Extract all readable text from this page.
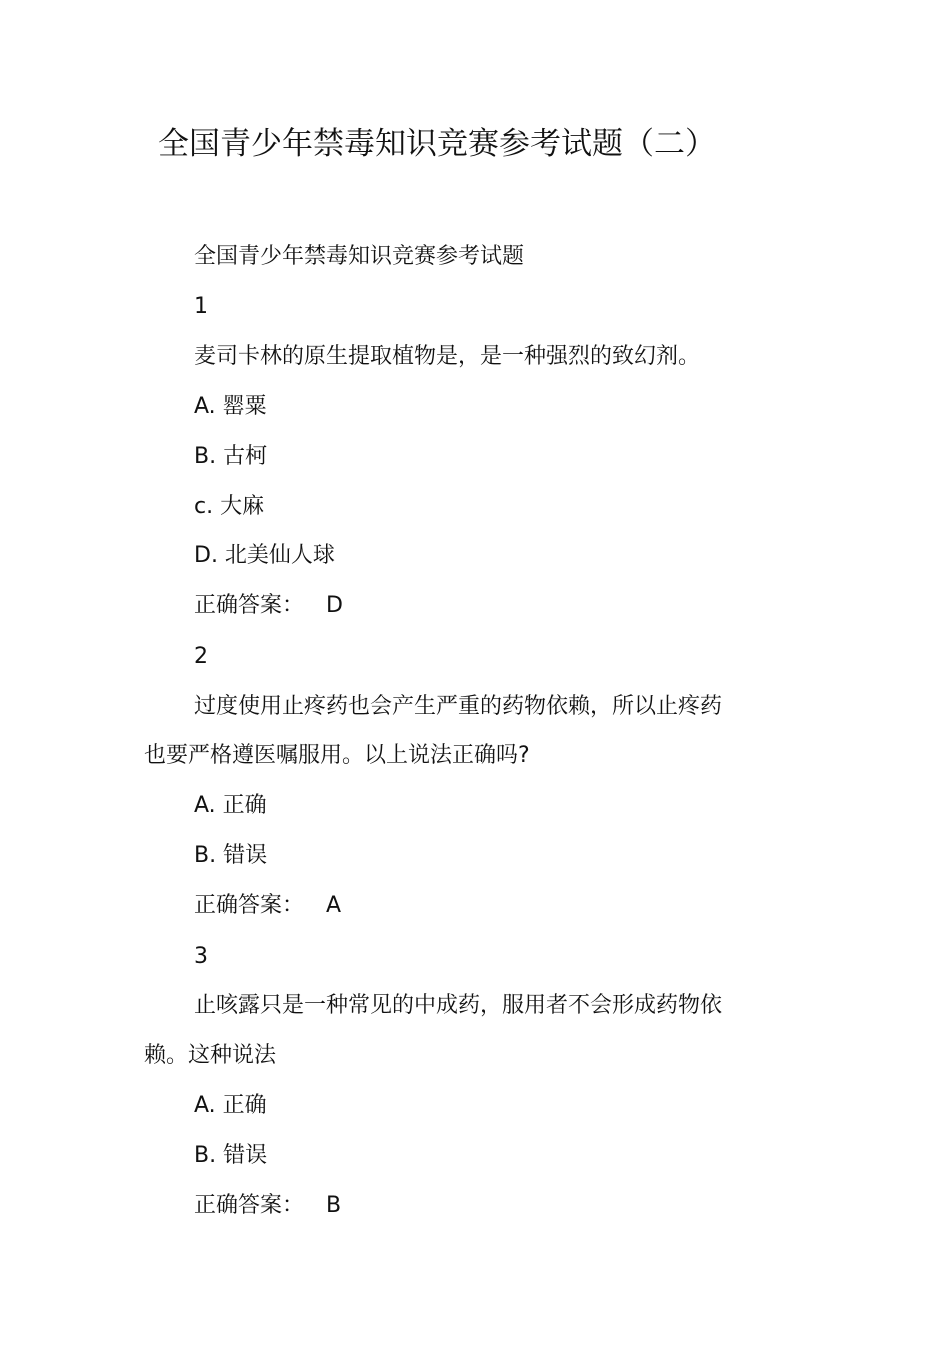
全国青少年禁毒知识竞赛参考试题（二）
全国青少年禁毒知识竞赛参考试题
1
麦司卡林的原生提取植物是，是一种强烈的致幻剂。
A. 罂粟
B. 古柯
c. 大麻
D. 北美仙人球
正确答案： D
2
过度使用止疼药也会产生严重的药物依赖，所以止疼药
也要严格遵医嘱服用。以上说法正确吗?
A. 正确
B. 错误
正确答案： A
3
止咳露只是一种常见的中成药，服用者不会形成药物依
赖。这种说法
A. 正确
B. 错误
正确答案： B
